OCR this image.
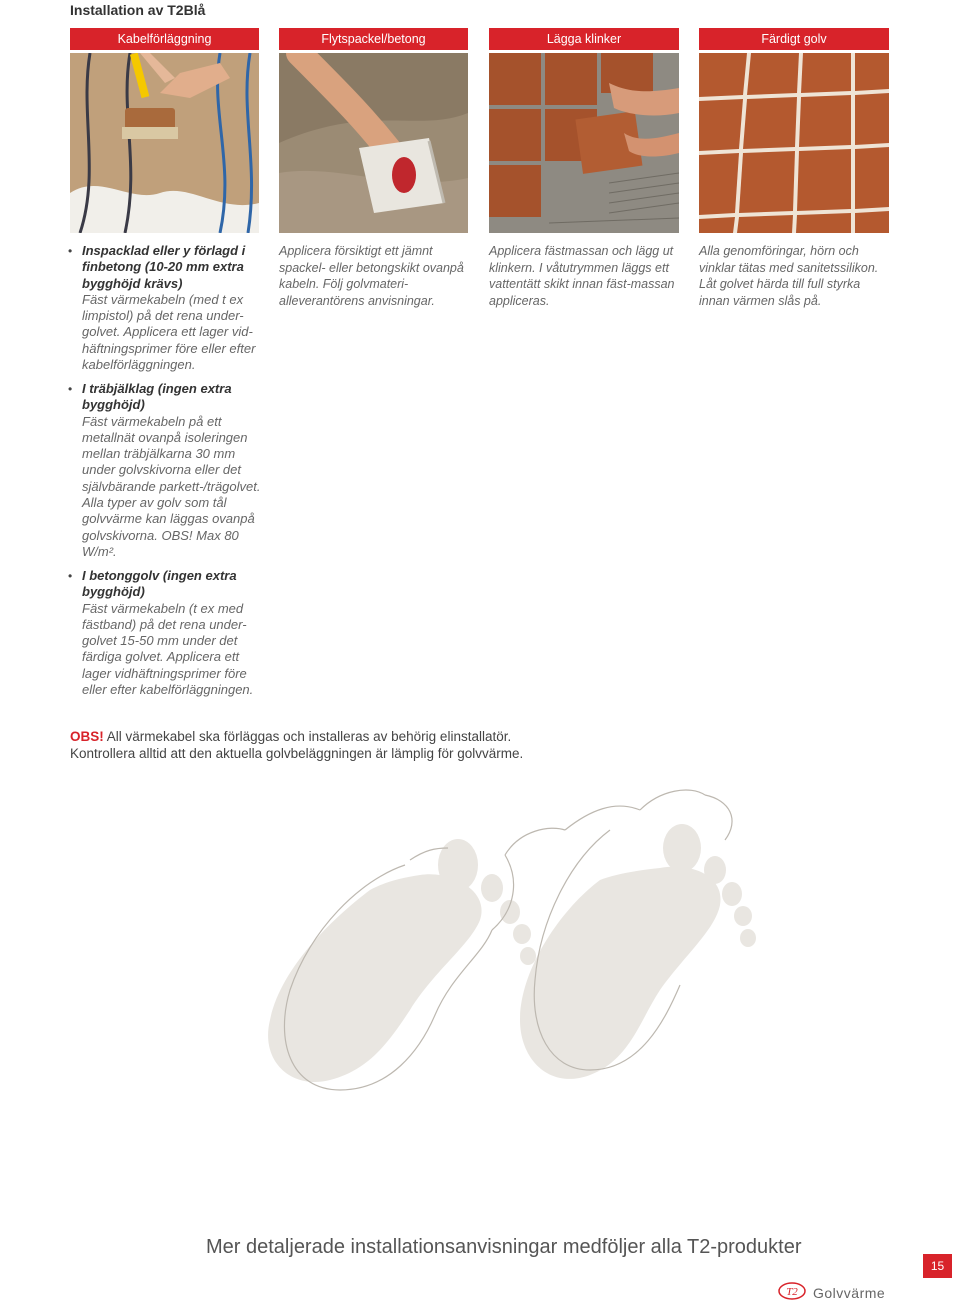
Installation av T2Blå
Kabelförläggning	Flytspackel/betong	Lägga klinker	Färdigt golv
Applicera försiktigt ett jämnt spackel- eller betongskikt ovanpå kabeln. Följ golvmateri-alleverantörens anvisningar.
Applicera fästmassan och lägg ut klinkern. I våtutrymmen läggs ett vattentätt skikt innan fäst-massan appliceras.
Alla genomföringar, hörn och vinklar tätas med sanitetssilikon. Låt golvet härda till full styrka innan värmen slås på.
• Inspacklad eller y förlagd i finbetong (10-20 mm extra bygghöjd krävs)
Fäst värmekabeln (med t ex limpistol) på det rena under-golvet. Applicera ett lager vid-häftningsprimer före eller efter kabelförläggningen.
• I träbjälklag (ingen extra bygghöjd)
Fäst värmekabeln på ett metallnät ovanpå isoleringen mellan träbjälkarna 30 mm under golvskivorna eller det självbärande parkett-/trägolvet. Alla typer av golv som tål golvvärme kan läggas ovanpå golvskivorna. OBS! Max 80 W/m².
• I betonggolv (ingen extra bygghöjd)
Fäst värmekabeln (t ex med fästband) på det rena under-golvet 15-50 mm under det färdiga golvet. Applicera ett lager vidhäftningsprimer före eller efter kabelförläggningen.
OBS! All värmekabel ska förläggas och installeras av behörig elinstallatör.
Kontrollera alltid att den aktuella golvbeläggningen är lämplig för golvvärme.
Mer detaljerade installationsanvisningar medföljer alla T2-produkter
15
T2 Golvvärme
